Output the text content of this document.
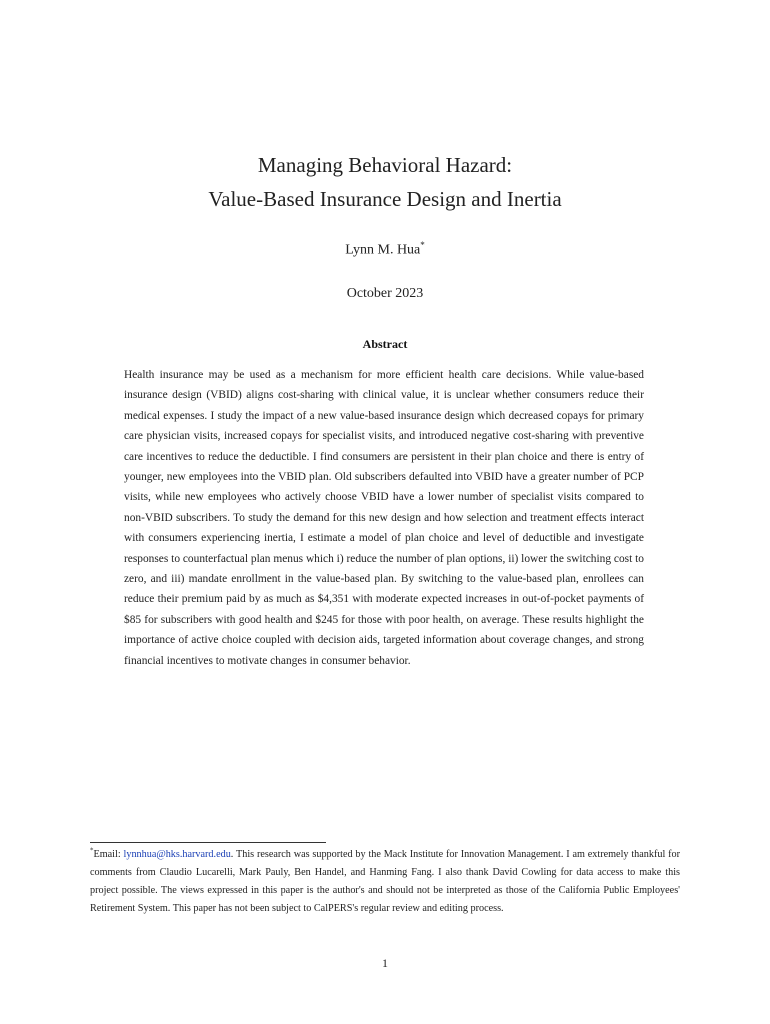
Managing Behavioral Hazard:
Value-Based Insurance Design and Inertia
Lynn M. Hua*
October 2023
Abstract
Health insurance may be used as a mechanism for more efficient health care decisions. While value-based insurance design (VBID) aligns cost-sharing with clinical value, it is unclear whether consumers reduce their medical expenses. I study the impact of a new value-based insurance design which decreased copays for primary care physician visits, increased copays for specialist visits, and introduced negative cost-sharing with preventive care incentives to reduce the deductible. I find consumers are persistent in their plan choice and there is entry of younger, new employees into the VBID plan. Old subscribers defaulted into VBID have a greater number of PCP visits, while new employees who actively choose VBID have a lower number of specialist visits compared to non-VBID subscribers. To study the demand for this new design and how selection and treatment effects interact with consumers experiencing inertia, I estimate a model of plan choice and level of deductible and investigate responses to counterfactual plan menus which i) reduce the number of plan options, ii) lower the switching cost to zero, and iii) mandate enrollment in the value-based plan. By switching to the value-based plan, enrollees can reduce their premium paid by as much as $4,351 with moderate expected increases in out-of-pocket payments of $85 for subscribers with good health and $245 for those with poor health, on average. These results highlight the importance of active choice coupled with decision aids, targeted information about coverage changes, and strong financial incentives to motivate changes in consumer behavior.
*Email: lynnhua@hks.harvard.edu. This research was supported by the Mack Institute for Innovation Management. I am extremely thankful for comments from Claudio Lucarelli, Mark Pauly, Ben Handel, and Hanming Fang. I also thank David Cowling for data access to make this project possible. The views expressed in this paper is the author's and should not be interpreted as those of the California Public Employees' Retirement System. This paper has not been subject to CalPERS's regular review and editing process.
1
